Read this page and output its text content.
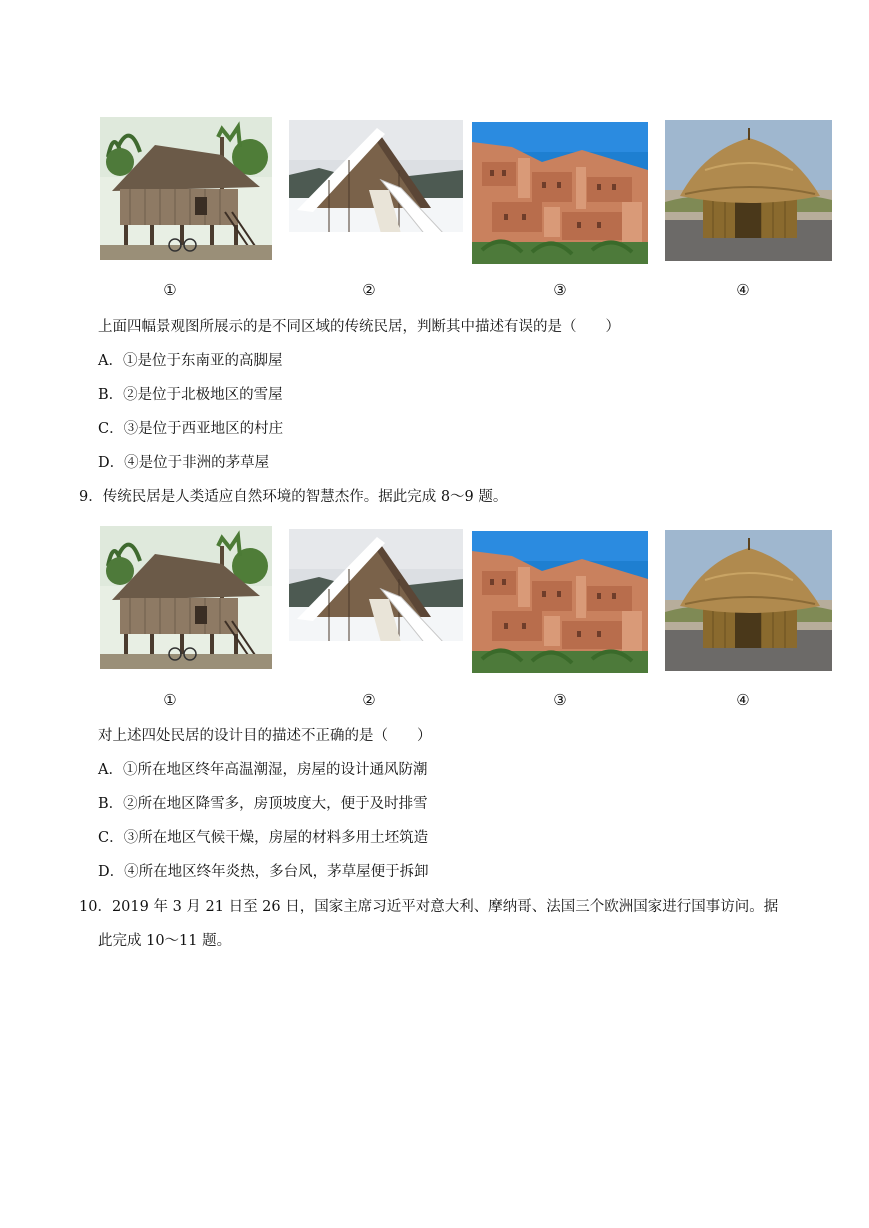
①	②	③	④
上面四幅景观图所展示的是不同区域的传统民居，判断其中描述有误的是（　　）
A．①是位于东南亚的高脚屋
B．②是位于北极地区的雪屋
C．③是位于西亚地区的村庄
D．④是位于非洲的茅草屋
9．传统民居是人类适应自然环境的智慧杰作。据此完成 8～9 题。
①	②	③	④
对上述四处民居的设计目的描述不正确的是（　　）
A．①所在地区终年高温潮湿，房屋的设计通风防潮
B．②所在地区降雪多，房顶坡度大，便于及时排雪
C．③所在地区气候干燥，房屋的材料多用土坯筑造
D．④所在地区终年炎热，多台风，茅草屋便于拆卸
10．2019 年 3 月 21 日至 26 日，国家主席习近平对意大利、摩纳哥、法国三个欧洲国家进行国事访问。据
此完成 10～11 题。
